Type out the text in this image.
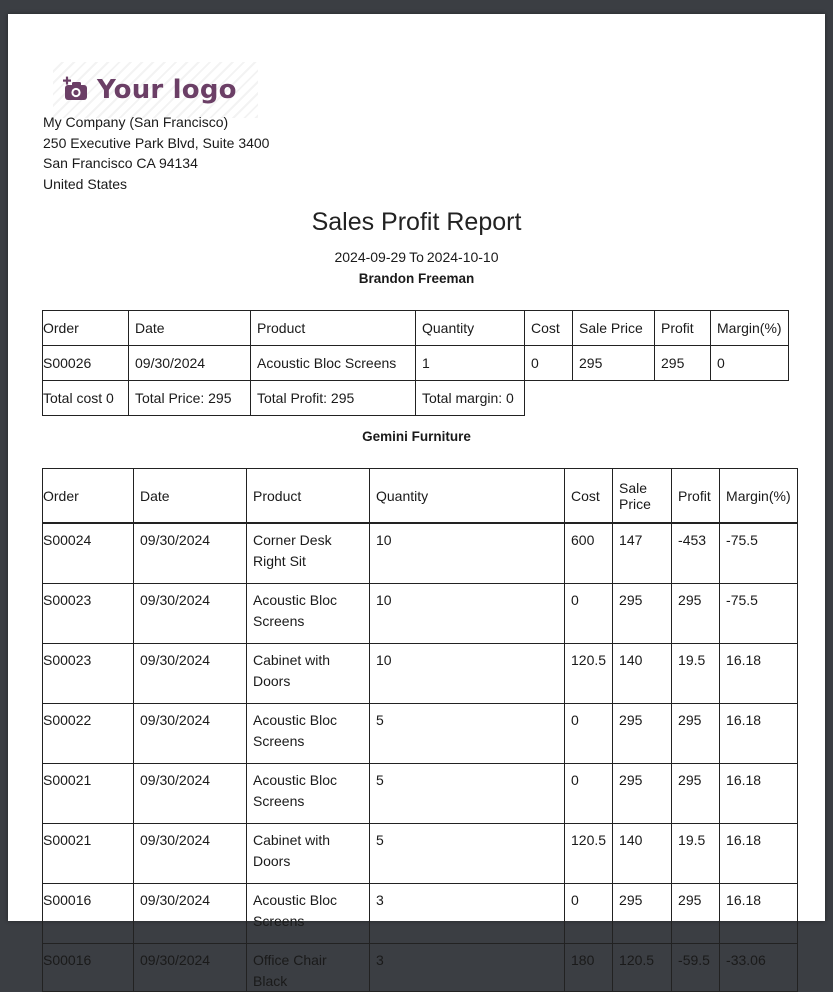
Your logo
My Company (San Francisco)
250 Executive Park Blvd, Suite 3400
San Francisco CA 94134
United States
Sales Profit Report
2024-09-29 To 2024-10-10
Brandon Freeman
Order	Date	Product	Quantity	Cost	Sale Price	Profit	Margin(%)
S00026	09/30/2024	Acoustic Bloc Screens	1	0	295	295	0
Total cost 0	Total Price: 295	Total Profit: 295	Total margin: 0				
Gemini Furniture
Order	Date	Product	Quantity	Cost	Sale Price	Profit	Margin(%)
S00024	09/30/2024	Corner Desk Right Sit	10	600	147	-453	-75.5
S00023	09/30/2024	Acoustic Bloc Screens	10	0	295	295	-75.5
S00023	09/30/2024	Cabinet with Doors	10	120.5	140	19.5	16.18
S00022	09/30/2024	Acoustic Bloc Screens	5	0	295	295	16.18
S00021	09/30/2024	Acoustic Bloc Screens	5	0	295	295	16.18
S00021	09/30/2024	Cabinet with Doors	5	120.5	140	19.5	16.18
S00016	09/30/2024	Acoustic Bloc Screens	3	0	295	295	16.18
S00016	09/30/2024	Office Chair Black	3	180	120.5	-59.5	-33.06
